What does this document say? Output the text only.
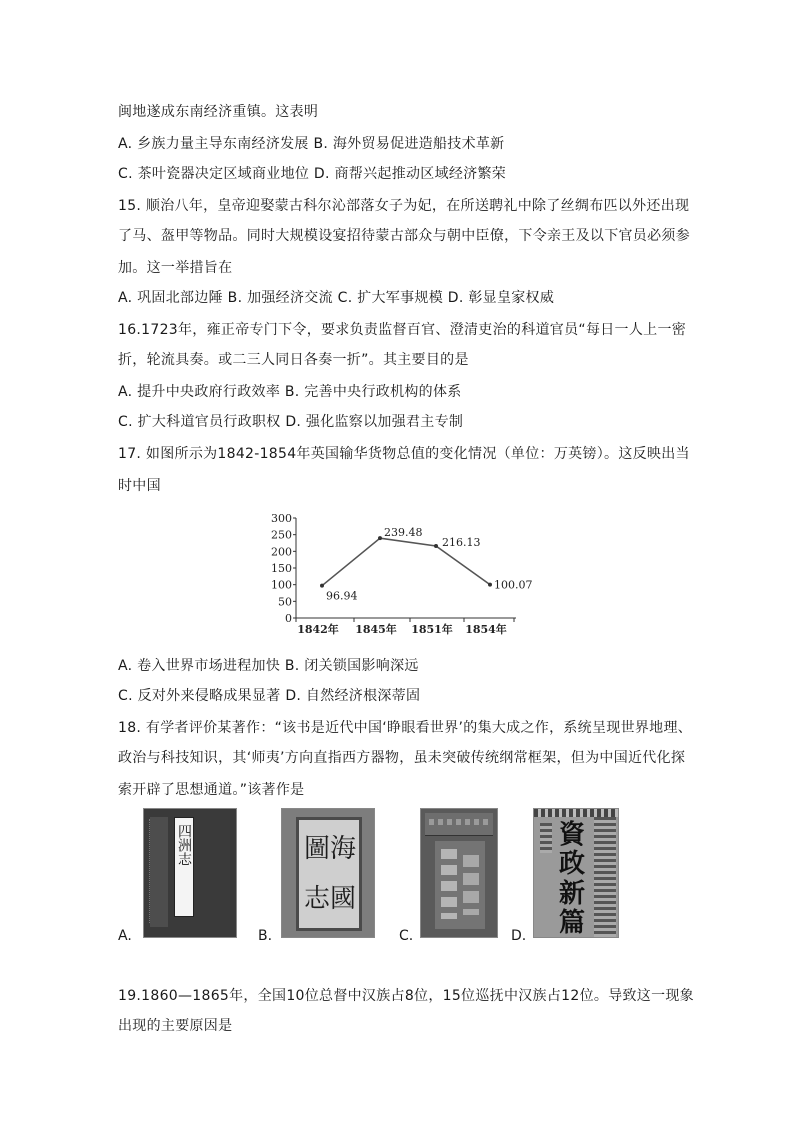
闽地遂成东南经济重镇。这表明
A. 乡族力量主导东南经济发展 B. 海外贸易促进造船技术革新
C. 茶叶瓷器决定区域商业地位 D. 商帮兴起推动区域经济繁荣
15. 顺治八年，皇帝迎娶蒙古科尔沁部落女子为妃，在所送聘礼中除了丝绸布匹以外还出现
了马、盔甲等物品。同时大规模设宴招待蒙古部众与朝中臣僚，下令亲王及以下官员必须参
加。这一举措旨在
A. 巩固北部边陲 B. 加强经济交流 C. 扩大军事规模 D. 彰显皇家权威
16.1723年，雍正帝专门下令，要求负责监督百官、澄清吏治的科道官员“每日一人上一密
折，轮流具奏。或二三人同日各奏一折”。其主要目的是
A. 提升中央政府行政效率 B. 完善中央行政机构的体系
C. 扩大科道官员行政职权 D. 强化监察以加强君主专制
17. 如图所示为1842-1854年英国输华货物总值的变化情况（单位：万英镑）。这反映出当
时中国
A. 卷入世界市场进程加快 B. 闭关锁国影响深远
C. 反对外来侵略成果显著 D. 自然经济根深蒂固
18. 有学者评价某著作：“该书是近代中国‘睁眼看世界’的集大成之作，系统呈现世界地理、
政治与科技知识，其‘师夷’方向直指西方器物，虽未突破传统纲常框架，但为中国近代化探
索开辟了思想通道。”该著作是
19.1860—1865年，全国10位总督中汉族占8位，15位巡抚中汉族占12位。导致这一现象
出现的主要原因是
0
50
100
150
200
250
300
1842年 1845年 1851年 1854年
96.94
239.48
216.13
100.07
A.
四洲志
B.
海
國
圖
志
C.	D.
資
政
新
篇
